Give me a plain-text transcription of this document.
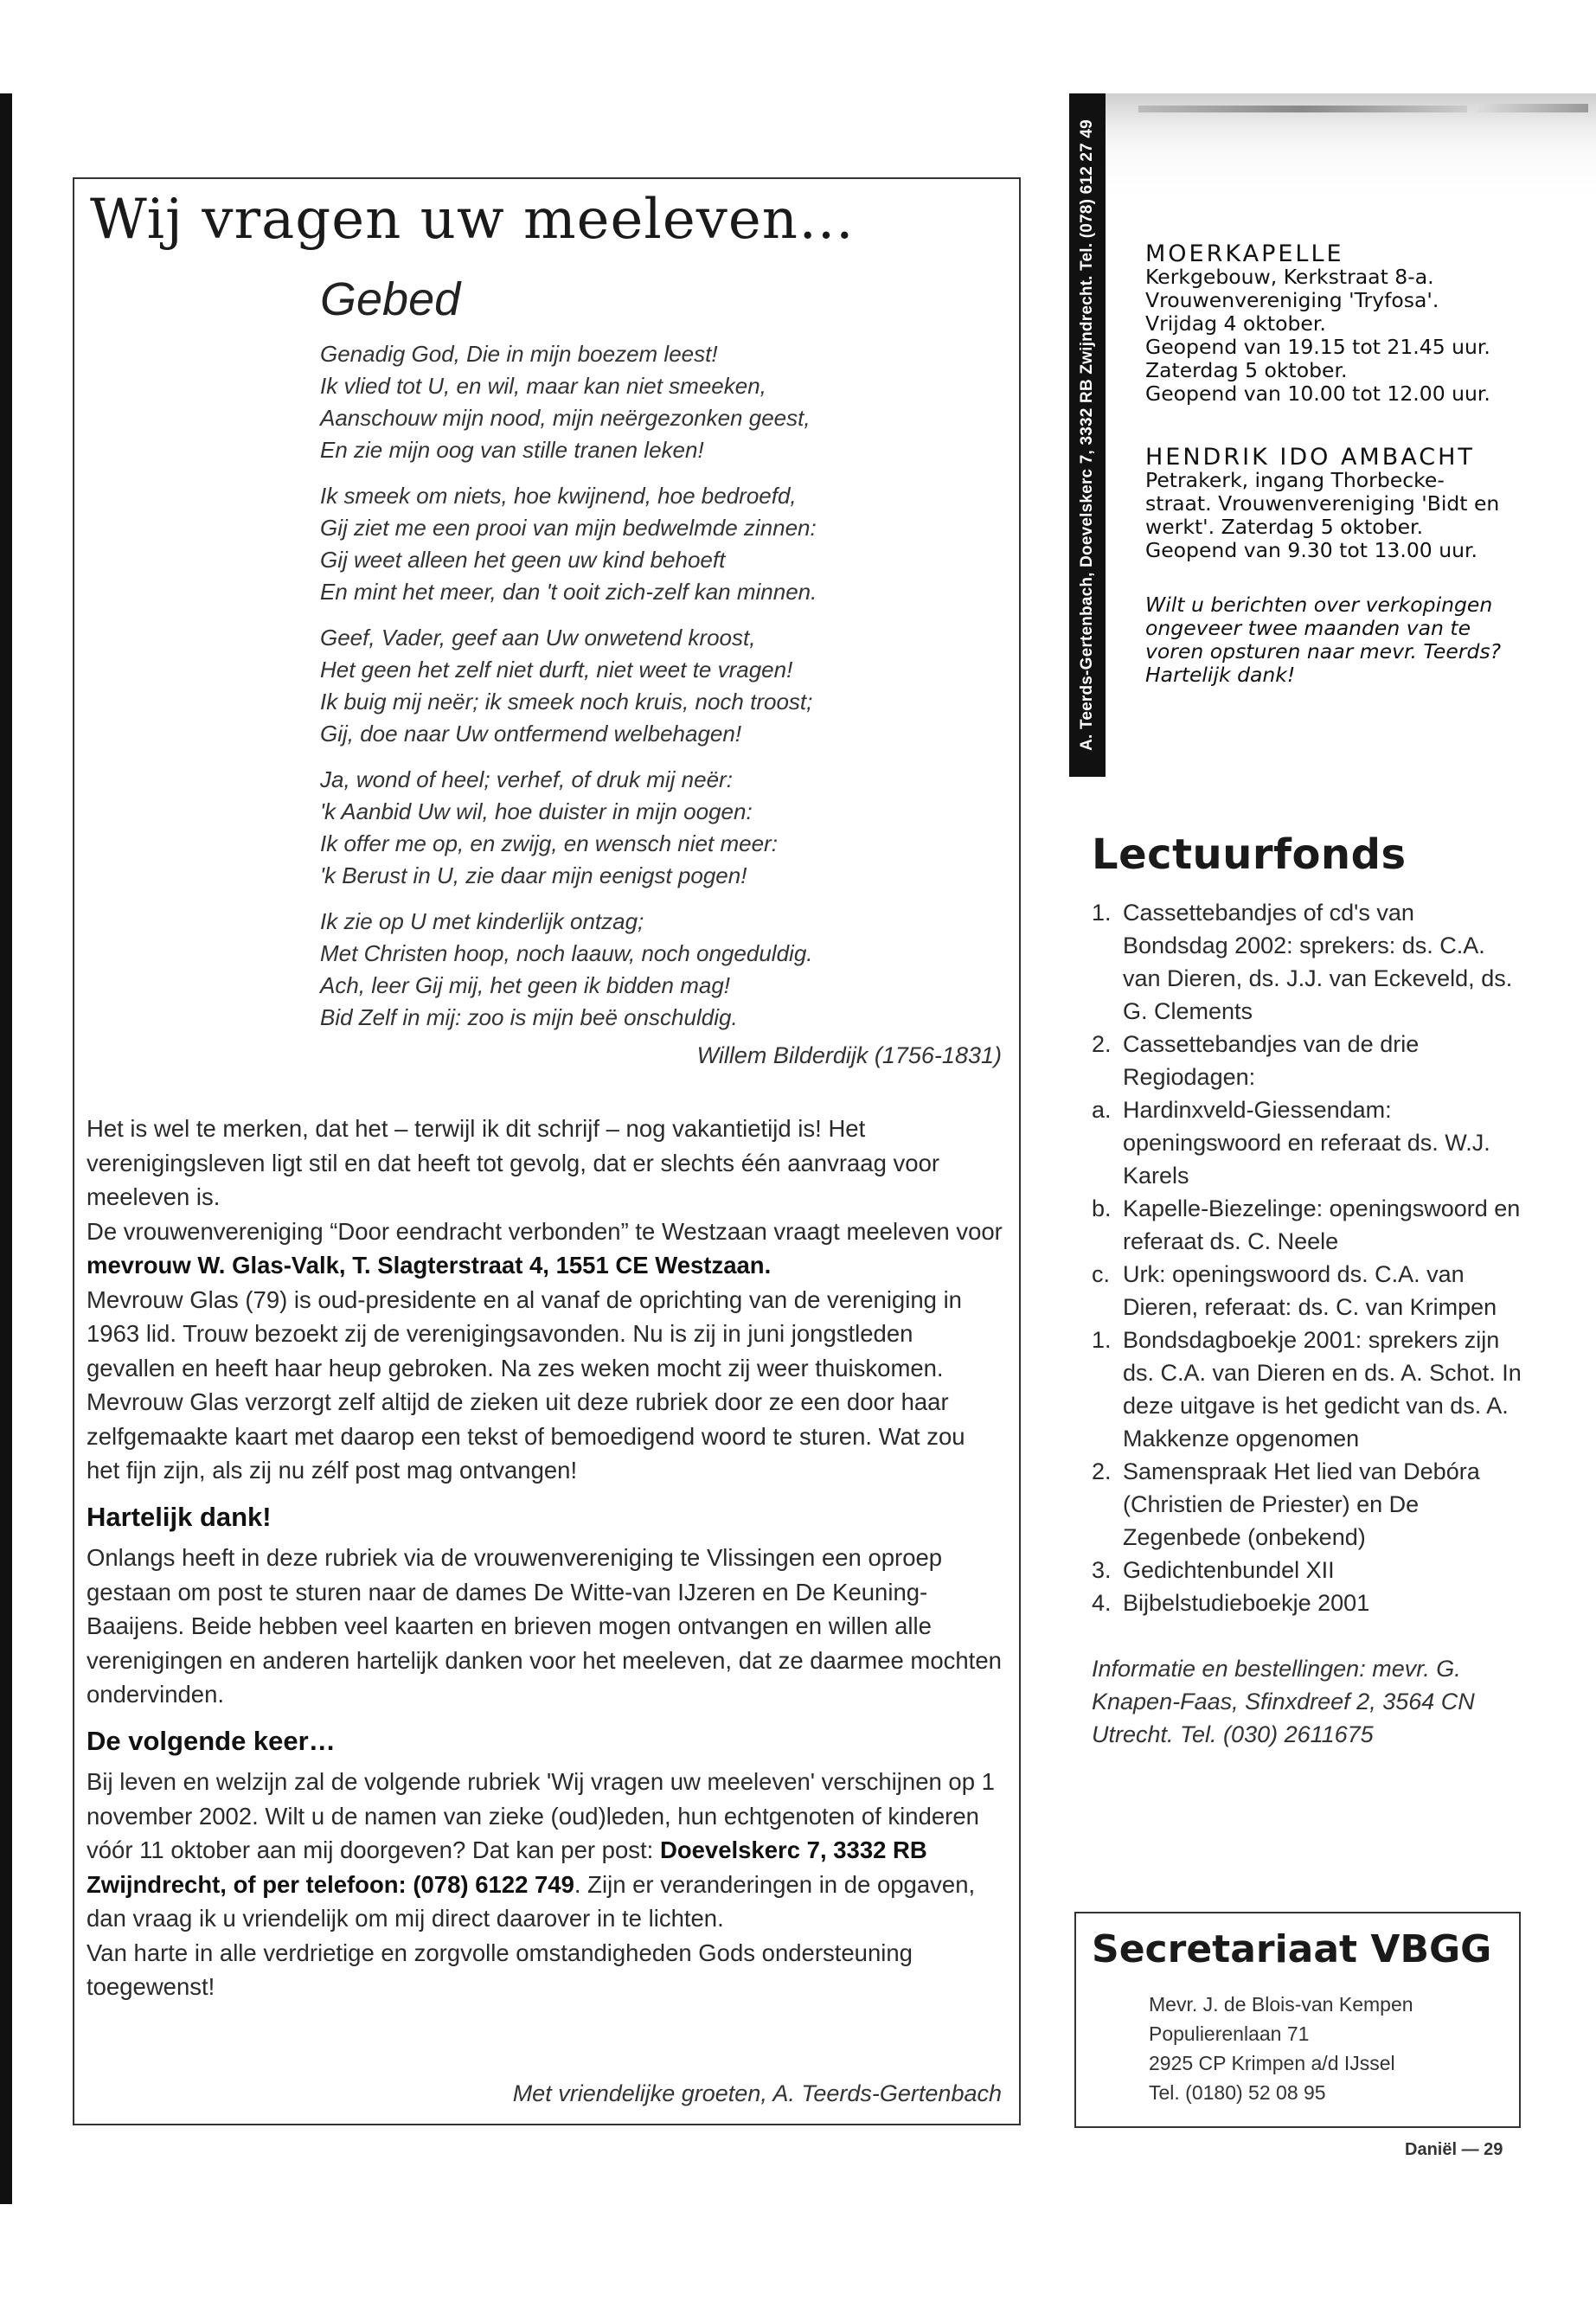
Wij vragen uw meeleven…
Gebed
Genadig God, Die in mijn boezem leest!
Ik vlied tot U, en wil, maar kan niet smeeken,
Aanschouw mijn nood, mijn neërgezonken geest,
En zie mijn oog van stille tranen leken!
Ik smeek om niets, hoe kwijnend, hoe bedroefd,
Gij ziet me een prooi van mijn bedwelmde zinnen:
Gij weet alleen het geen uw kind behoeft
En mint het meer, dan 't ooit zich-zelf kan minnen.
Geef, Vader, geef aan Uw onwetend kroost,
Het geen het zelf niet durft, niet weet te vragen!
Ik buig mij neër; ik smeek noch kruis, noch troost;
Gij, doe naar Uw ontfermend welbehagen!
Ja, wond of heel; verhef, of druk mij neër:
'k Aanbid Uw wil, hoe duister in mijn oogen:
Ik offer me op, en zwijg, en wensch niet meer:
'k Berust in U, zie daar mijn eenigst pogen!
Ik zie op U met kinderlijk ontzag;
Met Christen hoop, noch laauw, noch ongeduldig.
Ach, leer Gij mij, het geen ik bidden mag!
Bid Zelf in mij: zoo is mijn beë onschuldig.
Willem Bilderdijk (1756-1831)

Het is wel te merken, dat het – terwijl ik dit schrijf – nog vakantietijd is! Het verenigingsleven ligt stil en dat heeft tot gevolg, dat er slechts één aanvraag voor meeleven is.

De vrouwenvereniging “Door eendracht verbonden” te Westzaan vraagt meeleven voor mevrouw W. Glas-Valk, T. Slagterstraat 4, 1551 CE Westzaan.

Mevrouw Glas (79) is oud-presidente en al vanaf de oprichting van de vereniging in 1963 lid. Trouw bezoekt zij de verenigingsavonden. Nu is zij in juni jongstleden gevallen en heeft haar heup gebroken. Na zes weken mocht zij weer thuiskomen. Mevrouw Glas verzorgt zelf altijd de zieken uit deze rubriek door ze een door haar zelfgemaakte kaart met daarop een tekst of bemoedigend woord te sturen. Wat zou het fijn zijn, als zij nu zélf post mag ontvangen!

Hartelijk dank!

Onlangs heeft in deze rubriek via de vrouwenvereniging te Vlissingen een oproep gestaan om post te sturen naar de dames De Witte-van IJzeren en De Keuning-Baaijens. Beide hebben veel kaarten en brieven mogen ontvangen en willen alle verenigingen en anderen hartelijk danken voor het meeleven, dat ze daarmee mochten ondervinden.

De volgende keer…

Bij leven en welzijn zal de volgende rubriek 'Wij vragen uw meeleven' verschijnen op 1 november 2002. Wilt u de namen van zieke (oud)leden, hun echtgenoten of kinderen vóór 11 oktober aan mij doorgeven? Dat kan per post: Doevelskerc 7, 3332 RB Zwijndrecht, of per telefoon: (078) 6122 749. Zijn er veranderingen in de opgaven, dan vraag ik u vriendelijk om mij direct daarover in te lichten.

Van harte in alle verdrietige en zorgvolle omstandigheden Gods ondersteuning toegewenst!

Met vriendelijke groeten, A. Teerds-Gertenbach
A. Teerds-Gertenbach, Doevelskerc 7, 3332 RB Zwijndrecht. Tel. (078) 612 27 49 MOERKAPELLE
Kerkgebouw, Kerkstraat 8-a.
Vrouwenvereniging 'Tryfosa'.
Vrijdag 4 oktober.
Geopend van 19.15 tot 21.45 uur.
Zaterdag 5 oktober.
Geopend van 10.00 tot 12.00 uur.
HENDRIK IDO AMBACHT
Petrakerk, ingang Thorbecke-
straat. Vrouwenvereniging 'Bidt en
werkt'. Zaterdag 5 oktober.
Geopend van 9.30 tot 13.00 uur.
Wilt u berichten over verkopingen
ongeveer twee maanden van te
voren opsturen naar mevr. Teerds?
Hartelijk dank!
Lectuurfonds
1. Cassettebandjes of cd's van Bondsdag 2002: sprekers: ds. C.A. van Dieren, ds. J.J. van Eckeveld, ds. G. Clements
2. Cassettebandjes van de drie Regiodagen:
a. Hardinxveld-Giessendam: openingswoord en referaat ds. W.J. Karels
b. Kapelle-Biezelinge: openingswoord en referaat ds. C. Neele
c. Urk: openingswoord ds. C.A. van Dieren, referaat: ds. C. van Krimpen
1. Bondsdagboekje 2001: sprekers zijn ds. C.A. van Dieren en ds. A. Schot. In deze uitgave is het gedicht van ds. A. Makkenze opgenomen
2. Samenspraak Het lied van Debóra (Christien de Priester) en De Zegenbede (onbekend)
3. Gedichtenbundel XII
4. Bijbelstudieboekje 2001
Informatie en bestellingen: mevr. G. Knapen-Faas, Sfinxdreef 2, 3564 CN Utrecht. Tel. (030) 2611675
Secretariaat VBGG
Mevr. J. de Blois-van Kempen
Populierenlaan 71
2925 CP Krimpen a/d IJssel
Tel. (0180) 52 08 95
Daniël — 29
